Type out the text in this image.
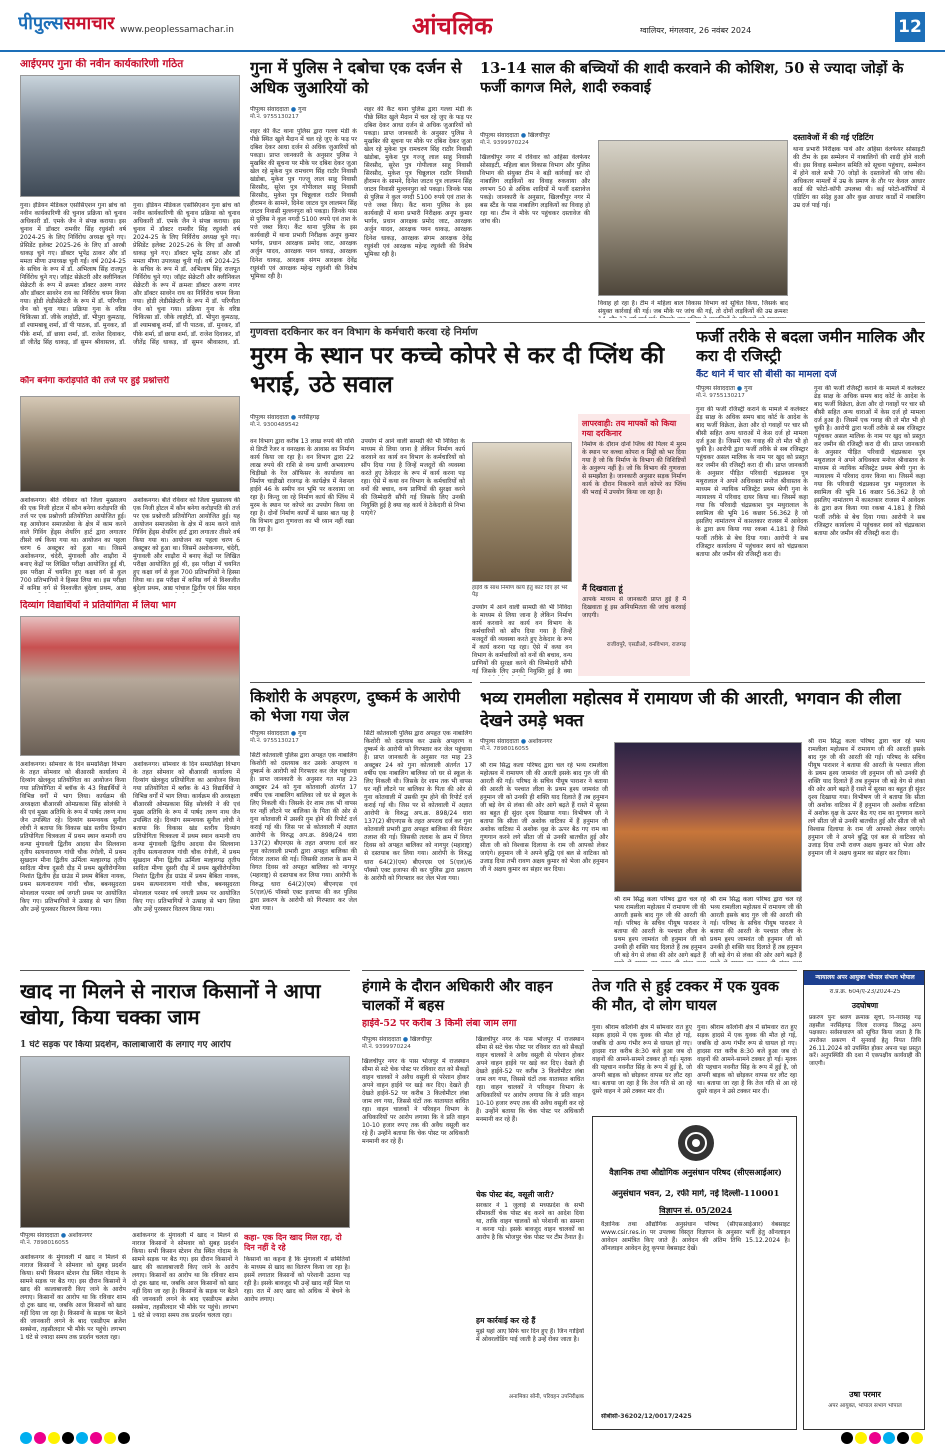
पीपुल्ससमाचार www.peoplessamachar.in	आंचलिक	ग्वालियर, मंगलवार, 26 नवंबर 2024	12
आईएमए गुना की नवीन कार्यकारिणी गठित
गुना। इंडियन मेडिकल एसोसिएशन गुना ब्रांच को नवीन कार्यकारिणी की चुनाव प्रक्रिया को चुनाव अधिकारी डॉ. एमके जैन ने संपन्न कराया। इस चुनाव में डॉक्टर रामवीर सिंह रघुवंशी वर्ष 2024-25 के लिए निर्विरोध अध्यक्ष चुने गए। प्रेसिडेंट इलेक्ट 2025-26 के लिए डॉ आरबी धाकड़ चुने गए। डॉक्टर भूपेंद्र ठाकर और डॉ ममता मीणा उपाध्यक्ष चुनी गईं। वर्ष 2024-25 के सचिव के रूप में डॉ. अभिलाष सिंह राजपूत निर्विरोध चुने गए। जॉइंट सेक्रेटरी और क्लीनिकल सेक्रेटरी के रूप में क्रमशः डॉक्टर अरुण नागर और डॉक्टर सावरेन राय का निर्विरोध चयन किया गया। होडी लेडीसेक्रेटरी के रूप में डॉ. परिणीता जैन को चुना गया। प्रक्रिया गुना के वरिष्ठ चिकित्सा डॉ. जीके लाहोटी, डॉ. भीपुरा कुमठाड़, डॉ श्यामबाबू शर्मा, डॉ पी पाठक, डॉ. मुनकर, डॉ पीके शर्मा, डॉ छाया शर्मा, डॉ. राजेश दिवाकर, डॉ जीतेंद्र सिंह धाकड़, डॉ सुमन श्रीवास्तव, डॉ.
गुना। इंडियन मेडिकल एसोसिएशन गुना ब्रांच को नवीन कार्यकारिणी की चुनाव प्रक्रिया को चुनाव अधिकारी डॉ. एमके जैन ने संपन्न कराया। इस चुनाव में डॉक्टर रामवीर सिंह रघुवंशी वर्ष 2024-25 के लिए निर्विरोध अध्यक्ष चुने गए। प्रेसिडेंट इलेक्ट 2025-26 के लिए डॉ आरबी धाकड़ चुने गए। डॉक्टर भूपेंद्र ठाकर और डॉ ममता मीणा उपाध्यक्ष चुनी गईं। वर्ष 2024-25 के सचिव के रूप में डॉ. अभिलाष सिंह राजपूत निर्विरोध चुने गए। जॉइंट सेक्रेटरी और क्लीनिकल सेक्रेटरी के रूप में क्रमशः डॉक्टर अरुण नागर और डॉक्टर सावरेन राय का निर्विरोध चयन किया गया। होडी लेडीसेक्रेटरी के रूप में डॉ. परिणीता जैन को चुना गया। प्रक्रिया गुना के वरिष्ठ चिकित्सा डॉ. जीके लाहोटी, डॉ. भीपुरा कुमठाड़, डॉ श्यामबाबू शर्मा, डॉ पी पाठक, डॉ. मुनकर, डॉ पीके शर्मा, डॉ छाया शर्मा, डॉ. राजेश दिवाकर, डॉ जीतेंद्र सिंह धाकड़, डॉ सुमन श्रीवास्तव, डॉ.
कौन बनेगा करोड़पति की तर्ज पर हुई प्रश्नोत्तरी
अशोकनगर। बीते रविवार को जिला मुख्यालय की एक निजी होटल में कौन बनेगा करोड़पति की तर्ज पर एक प्रश्नोत्तरी प्रतियोगिता आयोजित हुई। यह आयोजन समाजसेवा के क्षेत्र में काम करने वाले गिविंग हेंड्स शेयरिंग हार्ट द्वारा लगातार तीसरे वर्ष किया गया था। आयोजन का पहला चरण 6 अक्टूबर को हुआ था। जिसमें अशोकनगर, चंदेरी, मुंगावली और शाढ़ौरा में बनाए केंद्रों पर लिखित परीक्षा आयोजित हुई थी, इस परीक्षा में चयनित हुए कक्षा वर्ग से कुल 700 प्रतिभागियों ने हिस्सा लिया था। इस परीक्षा में कनिष्ठ वर्ग से विश्वजीत बुंदेला प्रथम, आद्य
अशोकनगर। बीते रविवार को जिला मुख्यालय की एक निजी होटल में कौन बनेगा करोड़पति की तर्ज पर एक प्रश्नोत्तरी प्रतियोगिता आयोजित हुई। यह आयोजन समाजसेवा के क्षेत्र में काम करने वाले गिविंग हेंड्स शेयरिंग हार्ट द्वारा लगातार तीसरे वर्ष किया गया था। आयोजन का पहला चरण 6 अक्टूबर को हुआ था। जिसमें अशोकनगर, चंदेरी, मुंगावली और शाढ़ौरा में बनाए केंद्रों पर लिखित परीक्षा आयोजित हुई थी, इस परीक्षा में चयनित हुए कक्षा वर्ग से कुल 700 प्रतिभागियों ने हिस्सा लिया था। इस परीक्षा में कनिष्ठ वर्ग से विश्वजीत बुंदेला प्रथम, आद्य पांचाल द्वितीय एवं प्रिंस यादव
दिव्यांग विद्यार्थियों ने प्रतियोगिता में लिया भाग
अशोकनगर। सोमवार के दिन समग्रशिक्षा विभाग के तहत सोमवार को बीआरसी कार्यालय में दिव्यांग खेलकूद प्रतियोगिता का आयोजन किया गया प्रतियोगिता में ब्लॉक के 43 विद्यार्थियों ने विभिन्न वर्गों में भाग लिया। कार्यक्रम की अध्यक्षता बीआरसी ओमप्रकाश सिंह सोलंकी ने की एवं मुख्य अतिथि के रूप में पार्षद तरुण नाथ जैन उपस्थित रहे। दिव्यांग समन्वयक सुनील लोधी ने बताया कि विकास खंड स्तरीय दिव्यांग प्रतियोगिता चित्रकला में प्रथम स्थान कमानी राय कन्या मुंगावली द्वितीय आदया सैन सिलवाना तृतीय सत्यनारायण गांधी चौक रंगोली, में प्रथम सुखदान मीना द्वितीय ऊर्मिला मल्हारगढ़ तृतीय सादिता मीणा दूसरी दौड़ में प्रथम खुशीरोगनिया निशांत द्वितीय हेंड ग्राउंड में प्रथम बैबिता नायक, प्रथम सत्यनारायण गांधी चौक, बबनसुदरता मोनलाल परमार वर्ष जगती प्रथम पर आयोजित किए गए। प्रतिभागियों ने उत्साह से भाग लिया और उन्हें पुरस्कार वितरण किया गया।
अशोकनगर। सोमवार के दिन समग्रशिक्षा विभाग के तहत सोमवार को बीआरसी कार्यालय में दिव्यांग खेलकूद प्रतियोगिता का आयोजन किया गया प्रतियोगिता में ब्लॉक के 43 विद्यार्थियों ने विभिन्न वर्गों में भाग लिया। कार्यक्रम की अध्यक्षता बीआरसी ओमप्रकाश सिंह सोलंकी ने की एवं मुख्य अतिथि के रूप में पार्षद तरुण नाथ जैन उपस्थित रहे। दिव्यांग समन्वयक सुनील लोधी ने बताया कि विकास खंड स्तरीय दिव्यांग प्रतियोगिता चित्रकला में प्रथम स्थान कमानी राय कन्या मुंगावली द्वितीय आदया सैन सिलवाना तृतीय सत्यनारायण गांधी चौक रंगोली, में प्रथम सुखदान मीना द्वितीय ऊर्मिला मल्हारगढ़ तृतीय सादिता मीणा दूसरी दौड़ में प्रथम खुशीरोगनिया निशांत द्वितीय हेंड ग्राउंड में प्रथम बैबिता नायक, प्रथम सत्यनारायण गांधी चौक, बबनसुदरता मोनलाल परमार वर्ष जगती प्रथम पर आयोजित किए गए। प्रतिभागियों ने उत्साह से भाग लिया और उन्हें पुरस्कार वितरण किया गया।
गुना में पुलिस ने दबोचा एक दर्जन से अधिक जुआरियों को
पीपुल्स संवाददाता ● गुना
मो.नं. 9755130217
शहर की कैंट थाना पुलिस द्वारा गल्ला मंडी के पीछे स्थित खुले मैदान में चल रहे जुए के फड़ पर दबिश देकर आधा दर्जन से अधिक जुआरियों को पकड़ा। प्राप्त जानकारी के अनुसार पुलिस ने मुखबिर की सूचना पर मौके पर दबिश देकर जुआ खेल रहे मुकेश पुत्र रामचरण सिंह राठौर निवासी खंडोबा, मुकेश पुत्र गज्जू लाल साहू निवासी सिरसौद, सुरेश पुत्र गोपीलाल साहू निवासी सिरसौद, मुकेश पुत्र चिन्नूलाल राठौर निवासी हीरामन के सामने, दिनेश जाटव पुत्र लालमन सिंह जाटव निवासी मुल्लनपुरा को पकड़ा। जिनके पास से पुलिस ने कुल नगदी 5100 रुपये एवं ताश के पत्ते जब्त किए। कैंट थाना पुलिस के इस कार्यवाही में थाना प्रभारी निरीक्षक अनूप कुमार भार्गव, प्रधान आरक्षक प्रमोद जाट, आरक्षक अर्जुन यादव, आरक्षक पवन धाकड़, आरक्षक दिनेश धाकड़, आरक्षक संगम आरक्षक देवेंद्र रघुवंशी एवं आरक्षक महेन्द्र रघुवंशी की विशेष भूमिका रही है।
शहर की कैंट थाना पुलिस द्वारा गल्ला मंडी के पीछे स्थित खुले मैदान में चल रहे जुए के फड़ पर दबिश देकर आधा दर्जन से अधिक जुआरियों को पकड़ा। प्राप्त जानकारी के अनुसार पुलिस ने मुखबिर की सूचना पर मौके पर दबिश देकर जुआ खेल रहे मुकेश पुत्र रामचरण सिंह राठौर निवासी खंडोबा, मुकेश पुत्र गज्जू लाल साहू निवासी सिरसौद, सुरेश पुत्र गोपीलाल साहू निवासी सिरसौद, मुकेश पुत्र चिन्नूलाल राठौर निवासी हीरामन के सामने, दिनेश जाटव पुत्र लालमन सिंह जाटव निवासी मुल्लनपुरा को पकड़ा। जिनके पास से पुलिस ने कुल नगदी 5100 रुपये एवं ताश के पत्ते जब्त किए। कैंट थाना पुलिस के इस कार्यवाही में थाना प्रभारी निरीक्षक अनूप कुमार भार्गव, प्रधान आरक्षक प्रमोद जाट, आरक्षक अर्जुन यादव, आरक्षक पवन धाकड़, आरक्षक दिनेश धाकड़, आरक्षक संगम आरक्षक देवेंद्र रघुवंशी एवं आरक्षक महेन्द्र रघुवंशी की विशेष भूमिका रही है।
13-14 साल की बच्चियों की शादी करवाने की कोशिश, 50 से ज्यादा जोड़ों के फर्जी कागज मिले, शादी रुकवाई
पीपुल्स संवाददाता ● खिलचीपुर
मो.नं. 9399970224
खिलचीपुर नगर में रविवार को अहिंसा वेलफेयर सोसाइटी, महिला बाल विकास विभाग और पुलिस विभाग की संयुक्त टीम ने बड़ी कार्रवाई कर दो नाबालिग लड़कियों का विवाह रुकवाया और लगभग 50 से अधिक शादियों में फर्जी दस्तावेज पकड़े। जानकारी के अनुसार, खिलचीपुर नगर में बस स्टैंड के पास नाबालिग लड़कियों का विवाह हो रहा था। टीम ने मौके पर पहुंचकर दस्तावेज की जांच की।
विवाह हो रहा है। टीम ने महिला बाल विकास विभाग को सूचित किया, जिसके बाद संयुक्त कार्रवाई की गई। जब मौके पर जांच की गई, तो दोनों लड़कियों की उम्र क्रमशः
दस्तावेजों में की गई एडिटिंग
थाना प्रभारी निरीक्षक पार्थ और अहिंसा वेलफेयर सोसाइटी की टीम के इस सम्मेलन में नाबालिगों की शादी होने वाली थी। इस विवाह सम्मेलन समिति को सूचना पहुंचाए, सम्मेलन में होने वाले सभी 70 जोड़ों के दस्तावेजों की जांच की। अधिकतर मामलों में उम्र के प्रमाण के तौर पर केवल आधार कार्ड की फोटो-कॉपी उपलब्ध थी। कई फोटो-कॉपियों में एडिटिंग का संदेह हुआ और कुछ आधार कार्डों में नाबालिग उम्र दर्ज पाई गई।
गुणवत्ता दरकिनार कर वन विभाग के कर्मचारी करवा रहे निर्माण
मुरम के स्थान पर कच्चे कोपरे से कर दी प्लिंथ की भराई, उठे सवाल
पीपुल्स संवाददाता ● नरसिंहगढ़
मो.नं. 9300489542
वन विभाग द्वारा करीब 13 लाख रुपये की राशि से डिप्टी रेंजर व वनरक्षक के आवास का निर्माण कार्य किया जा रहा है। वन विभाग द्वारा 22 लाख रुपये की राशि से वन्य प्राणी अभयारण्य चिड़ीखो के रेंज ऑफिसर के कार्यालय का निर्माण चाड़ीखो राजगढ़ के कार्यक्षेत्र में नेशनल हाईवे 46 के समीप वन भूमि पर करवाया जा रहा है। किन्तु जा रहे निर्माण कार्य की प्लिंथ में मुरम के स्थान पर कोपरे का उपयोग किया जा रहा है। दोनों निर्माण कार्यों में खास बात यह है कि विभाग द्वारा गुणवत्ता का भी ध्यान नहीं रखा जा रहा है।
उपयोग में आने वाली सामग्री की भी निविदा के माध्यम से लिया जाना है लेकिन निर्माण कार्य करवाने का कार्य वन विभाग के कर्मचारियों को सौंप दिया गया है जिन्हें मजदूरों की व्यवस्था करते हुए ठेकेदार के रूप में कार्य करना पड़ रहा। ऐसे में कथा वन विभाग के कर्मचारियों को वनों की बचाव, वन्य प्राणियों की सुरक्षा करने की जिम्मेदारी सौंपी गई जिसके लिए उनकी नियुक्ति हुई है क्या वह कार्य वे ठेकेदारी से निभा पाएंगे?
हाईवे के साथ निर्माण कार्य हेतु काट दिए हरे भरे पेड़
उपयोग में आने वाली सामग्री की भी निविदा के माध्यम से लिया जाना है लेकिन निर्माण कार्य करवाने का कार्य वन विभाग के कर्मचारियों को सौंप दिया गया है जिन्हें मजदूरों की व्यवस्था करते हुए ठेकेदार के रूप में कार्य करना पड़ रहा। ऐसे में कथा वन विभाग के कर्मचारियों को वनों की बचाव, वन्य प्राणियों की सुरक्षा करने की जिम्मेदारी सौंपी गई जिसके लिए उनकी नियुक्ति हुई है क्या
लापरवाही: तय मापकों को किया गया दरकिनार
निर्माण के दौरान दोनों प्लिंथ की पिलर में मुरम के स्थान पर कच्चा कोपरा व मिट्टी को भर दिया गया है जो कि निर्माण के विभाग की विशिष्टियों के अनुरूप नहीं है। जो कि विभाग की गुणवत्ता से समझौता है। जानकारी अनुसार सड़क निर्माण कार्य के दौरान निकलने वाले कोपरे का प्लिंथ की भराई में उपयोग किया जा रहा है।
मैं दिखवाता हूं
आपके माध्यम से जानकारी प्राप्त हुई है मैं दिखवाता हूं इस अनियमितता की जांच करवाई जाएगी।
राजीवपुरे, एसडीओ, वनविभाग, राजगढ़
फर्जी तरीके से बदला जमीन मालिक और करा दी रजिस्ट्री
कैंट थाने में चार सौ बीसी का मामला दर्ज
पीपुल्स संवाददाता ● गुना
मो.नं. 9755130217
गुना की फर्जी रजिस्ट्री कराने के मामले में कलेक्टर ढेड़ साक्ष के अधिक समय बाद कोर्ट के आदेश के बाद फर्जी विक्रेता, क्रेता और दो गवाहों पर चार सौ बीसी सहित अन्य धाराओं में केस दर्ज हो मामला दर्ज हुआ है। जिसमें एक गवाह की तो मौत भी हो चुकी है। आरोपी द्वारा फर्जी तरीके से सब रजिस्ट्रार पहुंचकर असल मालिक के नाम पर खुद को प्रस्तुत कर जमीन की रजिस्ट्री करा दी थी। प्राप्त जानकारी के अनुसार पीड़ित परिवादी चंद्रप्रकाश पुत्र मथुरालाल ने अपने अधिवक्ता मनोज श्रीवास्तव के माध्यम से न्यायिक मजिस्ट्रेट प्रथम श्रेणी गुना के न्यायालय में परिवाद दायर किया था। जिसमें कहा गया कि परिवादी चंद्रप्रकाश पुत्र मथुरालाल के स्वामित्व की भूमि 16 कछार 56.362 है जो इसलिए नामांतरण में काश्तकार राजस्व में आवेदक के द्वारा क्रय किया गया रकबा 4.181 है जिसे फर्जी तरीके से बेच दिया गया। आरोपी ने सब रजिस्ट्रार कार्यालय में पहुंचकर स्वयं को चंद्रप्रकाश बताया और जमीन की रजिस्ट्री करा दी।
गुना की फर्जी रजिस्ट्री कराने के मामले में कलेक्टर ढेड़ साक्ष के अधिक समय बाद कोर्ट के आदेश के बाद फर्जी विक्रेता, क्रेता और दो गवाहों पर चार सौ बीसी सहित अन्य धाराओं में केस दर्ज हो मामला दर्ज हुआ है। जिसमें एक गवाह की तो मौत भी हो चुकी है। आरोपी द्वारा फर्जी तरीके से सब रजिस्ट्रार पहुंचकर असल मालिक के नाम पर खुद को प्रस्तुत कर जमीन की रजिस्ट्री करा दी थी। प्राप्त जानकारी के अनुसार पीड़ित परिवादी चंद्रप्रकाश पुत्र मथुरालाल ने अपने अधिवक्ता मनोज श्रीवास्तव के माध्यम से न्यायिक मजिस्ट्रेट प्रथम श्रेणी गुना के न्यायालय में परिवाद दायर किया था। जिसमें कहा गया कि परिवादी चंद्रप्रकाश पुत्र मथुरालाल के स्वामित्व की भूमि 16 कछार 56.362 है जो इसलिए नामांतरण में काश्तकार राजस्व में आवेदक के द्वारा क्रय किया गया रकबा 4.181 है जिसे फर्जी तरीके से बेच दिया गया। आरोपी ने सब रजिस्ट्रार कार्यालय में पहुंचकर स्वयं को चंद्रप्रकाश बताया और जमीन की रजिस्ट्री करा दी।
किशोरी के अपहरण, दुष्कर्म के आरोपी को भेजा गया जेल
पीपुल्स संवाददाता ● गुना
मो.नं. 9755130217
सिटी कोतवाली पुलिस द्वारा अपहृत एक नाबालिग किशोरी को दस्तयाब कर उसके अपहरण व दुष्कर्म के आरोपी को गिरफ्तार कर जेल पहुंचाया है। प्राप्त जानकारी के अनुसार गत माह 23 अक्टूबर 24 को गुना कोतवाली अंतर्गत 17 वर्षीय एक नाबालिग बालिका जो घर से स्कूल के लिए निकली थी। जिसके देर शाम तक भी वापस घर नहीं लौटने पर बालिका के पिता की ओर से गुना कोतवाली में उसकी गुम होने की रिपोर्ट दर्ज कराई गई थी। जिस पर से कोतवाली में अज्ञात आरोपी के विरुद्ध अप.क्र. 898/24 धारा 137(2) बीएनएस के तहत अपराध दर्ज कर गुना कोतवाली प्रभारी द्वारा अपहृत बालिका की निरंतर तलाश की गई। जिसकी तलाश के क्रम में विगत दिवस को अपहृत बालिका को नागपुर (महाराष्ट्र) से दस्तयाब कर लिया गया। आरोपी के विरुद्ध धारा 64(2)(एम) बीएनएस एवं 5(एल)/6 पॉक्सो एक्ट इजाफा की कर पुलिस द्वारा प्रकरण के आरोपी को गिरफ्तार कर जेल भेजा गया।
सिटी कोतवाली पुलिस द्वारा अपहृत एक नाबालिग किशोरी को दस्तयाब कर उसके अपहरण व दुष्कर्म के आरोपी को गिरफ्तार कर जेल पहुंचाया है। प्राप्त जानकारी के अनुसार गत माह 23 अक्टूबर 24 को गुना कोतवाली अंतर्गत 17 वर्षीय एक नाबालिग बालिका जो घर से स्कूल के लिए निकली थी। जिसके देर शाम तक भी वापस घर नहीं लौटने पर बालिका के पिता की ओर से गुना कोतवाली में उसकी गुम होने की रिपोर्ट दर्ज कराई गई थी। जिस पर से कोतवाली में अज्ञात आरोपी के विरुद्ध अप.क्र. 898/24 धारा 137(2) बीएनएस के तहत अपराध दर्ज कर गुना कोतवाली प्रभारी द्वारा अपहृत बालिका की निरंतर तलाश की गई। जिसकी तलाश के क्रम में विगत दिवस को अपहृत बालिका को नागपुर (महाराष्ट्र) से दस्तयाब कर लिया गया। आरोपी के विरुद्ध धारा 64(2)(एम) बीएनएस एवं 5(एल)/6 पॉक्सो एक्ट इजाफा की कर पुलिस द्वारा प्रकरण के आरोपी को गिरफ्तार कर जेल भेजा गया।
भव्य रामलीला महोत्सव में रामायण जी की आरती, भगवान की लीला देखने उमड़े भक्त
पीपुल्स संवाददाता ● अशोकनगर
मो.नं. 7898016055
श्री राम सिद्ध कला परिषद द्वारा चल रहे भव्य रामलीला महोत्सव में रामायण जी की आरती इसके बाद गुरु जी की आरती की गई। परिषद के सचिव पीयूष पाराशर ने बताया की आरती के पश्चात लीला के प्रथम हृश्य जामवंत जी हनुमान जी को उनकी ही शक्ति याद दिलाते हैं तब हनुमान जी बड़े वेग से लंका की ओर आगे बढ़ते हैं रास्ते में सुरसा का बहुत ही सुंदर दृश्य दिखाया गया। विभीषण जी ने बताया कि सीता जी अशोक वाटिका में हैं हनुमान जी अशोक वाटिका में अशोक वृक्ष के ऊपर बैठ गए राम का गुणगान करने लगे सीता जी से उनकी बातचीत हुई और सीता जी को विश्वास दिलाया के राम जी आपको लेकर जाएंगे। हनुमान जी ने अपने बुद्धि एवं बल से वाटिका को उजाड़ दिया तभी रावण अक्षय कुमार को भेजा और हनुमान जी ने अक्षय कुमार का संहार कर दिया।
श्री राम सिद्ध कला परिषद द्वारा चल रहे भव्य रामलीला महोत्सव में रामायण जी की आरती इसके बाद गुरु जी की आरती की गई। परिषद के सचिव पीयूष पाराशर ने बताया की आरती के पश्चात लीला के प्रथम हृश्य जामवंत जी हनुमान जी को उनकी ही शक्ति याद दिलाते हैं तब हनुमान जी बड़े वेग से लंका की ओर आगे बढ़ते हैं
श्री राम सिद्ध कला परिषद द्वारा चल रहे भव्य रामलीला महोत्सव में रामायण जी की आरती इसके बाद गुरु जी की आरती की गई। परिषद के सचिव पीयूष पाराशर ने बताया की आरती के पश्चात लीला के प्रथम हृश्य जामवंत जी हनुमान जी को उनकी ही शक्ति याद दिलाते हैं तब हनुमान जी बड़े वेग से लंका की ओर आगे बढ़ते हैं
श्री राम सिद्ध कला परिषद द्वारा चल रहे भव्य रामलीला महोत्सव में रामायण जी की आरती इसके बाद गुरु जी की आरती की गई। परिषद के सचिव पीयूष पाराशर ने बताया की आरती के पश्चात लीला के प्रथम हृश्य जामवंत जी हनुमान जी को उनकी ही शक्ति याद दिलाते हैं तब हनुमान जी बड़े वेग से लंका की ओर आगे बढ़ते हैं रास्ते में सुरसा का बहुत ही सुंदर दृश्य दिखाया गया। विभीषण जी ने बताया कि सीता जी अशोक वाटिका में हैं हनुमान जी अशोक वाटिका में अशोक वृक्ष के ऊपर बैठ गए राम का गुणगान करने लगे सीता जी से उनकी बातचीत हुई और सीता जी को विश्वास दिलाया के राम जी आपको लेकर जाएंगे। हनुमान जी ने अपने बुद्धि एवं बल से वाटिका को उजाड़ दिया तभी रावण अक्षय कुमार को भेजा और हनुमान जी ने अक्षय कुमार का संहार कर दिया।
खाद ना मिलने से नाराज किसानों ने आपा खोया, किया चक्का जाम
1 घंटे सड़क पर किया प्रदर्शन, कालाबाजारी के लगाए गए आरोप
पीपुल्स संवाददाता ● अशोकनगर
मो.नं. 7898016055
अशोकनगर के मुंगावली में खाद न मिलने से नाराज किसानों ने सोमवार को सुबह प्रदर्शन किया। सभी किसान स्टेशन रोड स्थित गोदाम के सामने सड़क पर बैठ गए। इस दौरान किसानों ने खाद की कालाबाजारी किए जाने के आरोप लगाए। किसानों का आरोप था कि रविवार शाम दो ट्रक खाद था, जबकि आज किसानों को खाद नहीं दिया जा रहा है। किसानों के सड़क पर बैठने की जानकारी लगने के बाद एसडीएम ब्रजेश सक्सेना, तहसीलदार भी मौके पर पहुंचे। लगभग 1 घंटे से ज्यादा समय तक प्रदर्शन चलता रहा।
अशोकनगर के मुंगावली में खाद न मिलने से नाराज किसानों ने सोमवार को सुबह प्रदर्शन किया। सभी किसान स्टेशन रोड स्थित गोदाम के सामने सड़क पर बैठ गए। इस दौरान किसानों ने खाद की कालाबाजारी किए जाने के आरोप लगाए। किसानों का आरोप था कि रविवार शाम दो ट्रक खाद था, जबकि आज किसानों को खाद नहीं दिया जा रहा है। किसानों के सड़क पर बैठने की जानकारी लगने के बाद एसडीएम ब्रजेश सक्सेना, तहसीलदार भी मौके पर पहुंचे। लगभग 1 घंटे से ज्यादा समय तक प्रदर्शन चलता रहा।
कहा- एक दिन खाद मिल रहा, दो दिन नहीं दे रहे
किसानों का कहना है कि मुंगावली में समितियों के माध्यम से खाद का वितरण किया जा रहा है। इसमें लगातार किसानों को परेशानी उठाना पड़ रही है। इसके बावजूद भी उन्हें खाद नहीं मिल पा रहा। रात में आए खाद को अधिक में बेचने के आरोप लगाए।
हंगामे के दौरान अधिकारी और वाहन चालकों में बहस
हाईवे-52 पर करीब 3 किमी लंबा जाम लगा
पीपुल्स संवाददाता ● खिलचीपुर
मो.नं. 9399970224
खिलचीपुर नगर के पास भोजपुर में राजस्थान सीमा से सटे चेक पोस्ट पर रविवार रात को सैकड़ों वाहन चालकों ने अवैध वसूली से परेशान होकर अपने वाहन हाईवे पर खड़े कर दिए। देखते ही देखते हाईवे-52 पर करीब 3 किलोमीटर लंबा जाम लग गया, जिससे घंटों तक यातायात बाधित रहा। वाहन चालकों ने परिवहन विभाग के अधिकारियों पर आरोप लगाया कि वे प्रति वाहन 10-10 हजार रुपए तक की अवैध वसूली कर रहे हैं। उन्होंने बताया कि चेक पोस्ट पर अधिकारी मनमानी कर रहे हैं।
खिलचीपुर नगर के पास भोजपुर में राजस्थान सीमा से सटे चेक पोस्ट पर रविवार रात को सैकड़ों वाहन चालकों ने अवैध वसूली से परेशान होकर अपने वाहन हाईवे पर खड़े कर दिए। देखते ही देखते हाईवे-52 पर करीब 3 किलोमीटर लंबा जाम लग गया, जिससे घंटों तक यातायात बाधित रहा। वाहन चालकों ने परिवहन विभाग के अधिकारियों पर आरोप लगाया कि वे प्रति वाहन 10-10 हजार रुपए तक की अवैध वसूली कर रहे हैं। उन्होंने बताया कि चेक पोस्ट पर अधिकारी मनमानी कर रहे हैं।
चेक पोस्ट बंद, वसूली जारी?
सरकार ने 1 जुलाई से मध्यप्रदेश के सभी सीमावर्ती चेक पोस्ट बंद करने का आदेश दिया था, ताकि वाहन चालकों को परेशानी का सामना न करना पड़े। इसके बावजूद वाहन चालकों का आरोप है कि भोजपुर चेक पोस्ट पर टीम तैनात है।
हम कार्रवाई कर रहे हैं
मुझे यहां आए सिर्फ चार दिन हुए हैं। जिन गाड़ियों में ओवरलोडिंग पाई जाती है उन्हें रोका जाता है।
अनामिका सोनी, परिवहन उपनिरीक्षक
तेज गति से हुई टक्कर में एक युवक की मौत, दो लोग घायल
गुना। श्रीराम कॉलोनी क्षेत्र में सोमवार रात हुए सड़क हादसे में एक युवक की मौत हो गई, जबकि दो अन्य गंभीर रूप से घायल हो गए। हादसा रात करीब 8:30 बजे हुआ जब दो वाहनों की आमने-सामने टक्कर हो गई। मृतक की पहचान नवनीत सिंह के रूप में हुई है, जो अपनी बाइक को छोड़कर वापस घर लौट रहा था। बताया जा रहा है कि तेज गति से आ रहे दूसरे वाहन ने उसे टक्कर मार दी।
गुना। श्रीराम कॉलोनी क्षेत्र में सोमवार रात हुए सड़क हादसे में एक युवक की मौत हो गई, जबकि दो अन्य गंभीर रूप से घायल हो गए। हादसा रात करीब 8:30 बजे हुआ जब दो वाहनों की आमने-सामने टक्कर हो गई। मृतक की पहचान नवनीत सिंह के रूप में हुई है, जो अपनी बाइक को छोड़कर वापस घर लौट रहा था। बताया जा रहा है कि तेज गति से आ रहे दूसरे वाहन ने उसे टक्कर मार दी।
वैज्ञानिक तथा औद्योगिक अनुसंधान परिषद (सीएसआईआर)
अनुसंधान भवन, 2, रफी मार्ग, नई दिल्ली-110001
विज्ञापन सं. 05/2024
वैज्ञानिक तथा औद्योगिक अनुसंधान परिषद (सीएसआईआर) वेबसाइट www.csir.res.in पर उपलब्ध विस्तृत विज्ञापन के अनुसार भर्ती हेतु ऑनलाइन आवेदन आमंत्रित किए जाते हैं। आवेदन की अंतिम तिथि 15.12.2024 है। ऑनलाइन आवेदन हेतु कृपया वेबसाइट देखें।
सीबीसी-36202/12/0017/2425
न्यायालय अपर आयुक्त भोपाल संभाग भोपाल
रा.प्र.क्र. 604/ए-23/2024-25
उदघोषणा
प्रकरण पुनः श्रवण क्रमांक सूची, नि-नरसिंह गढ़ तहसील नरसिंहगढ़ जिला राजगढ़ विरुद्ध अन्य पक्षकार। सर्वसाधारण को सूचित किया जाता है कि उपरोक्त प्रकरण में सुनवाई हेतु नियत तिथि 26.11.2024 को उपस्थित होकर अपना पक्ष प्रस्तुत करें। अनुपस्थिति की दशा में एकपक्षीय कार्यवाही की जाएगी।
उषा परमार
अपर आयुक्त, भोपाल संभाग भोपाल
